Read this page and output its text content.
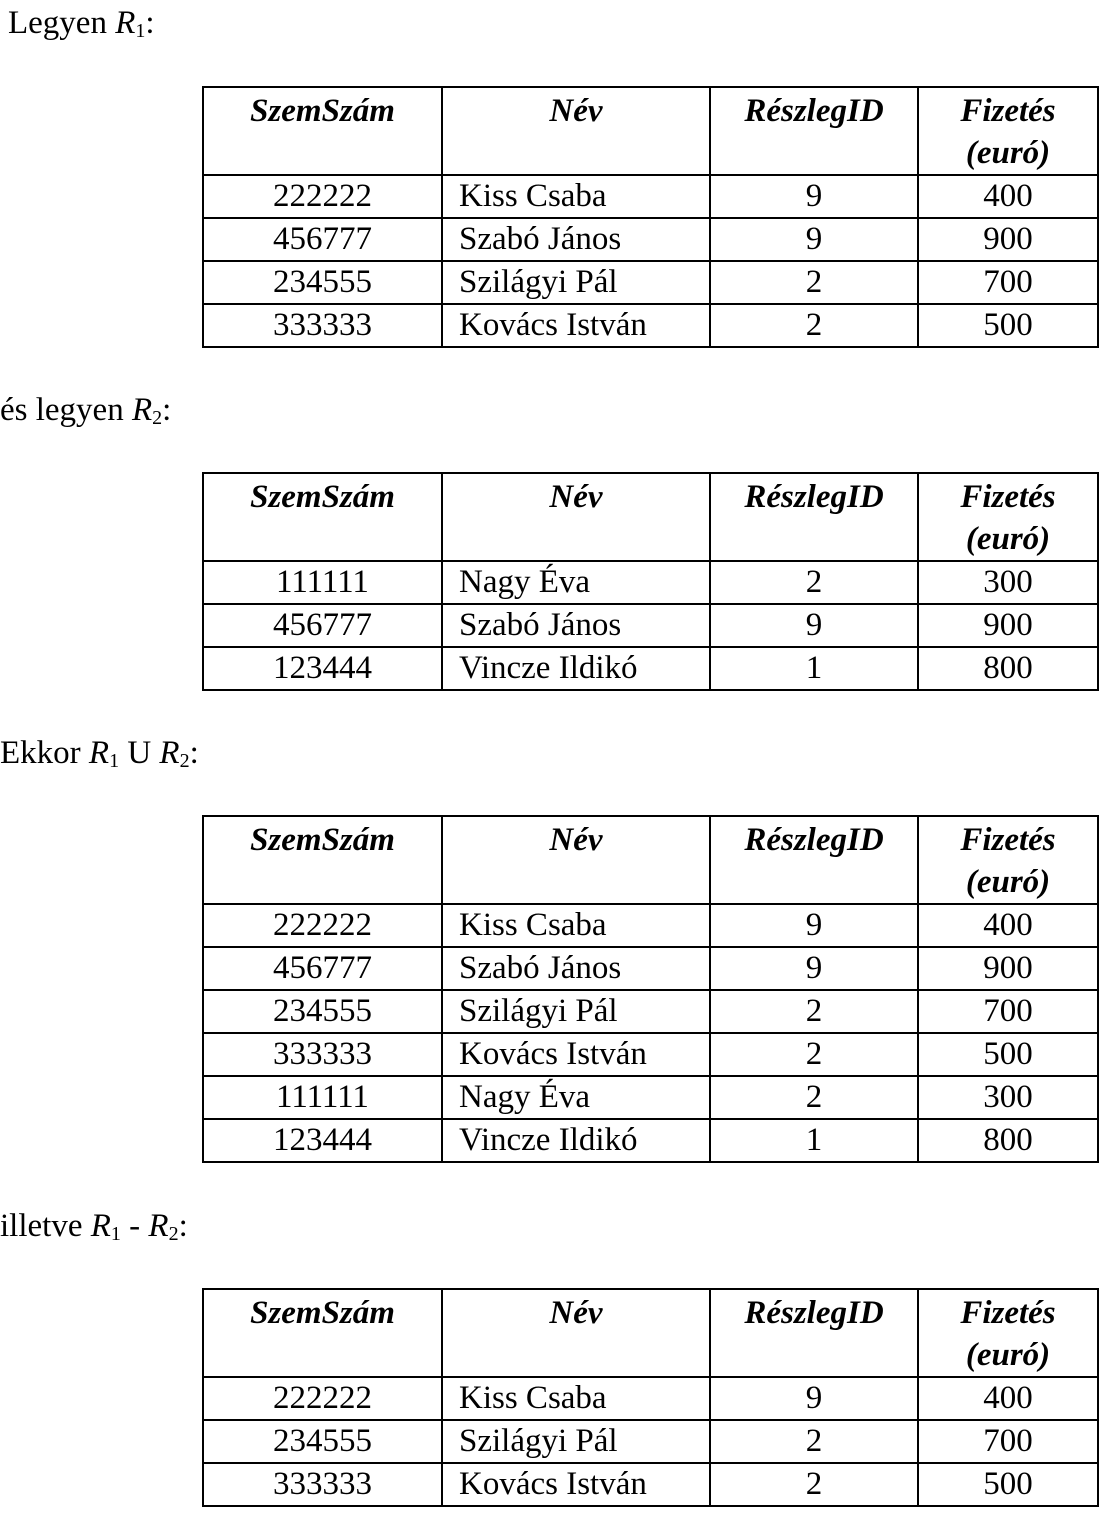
Legyen $R_1$:
SzemSzám	Név	RészlegID	Fizetés
(euró)
222222	Kiss Csaba	9	400
456777	Szabó János	9	900
234555	Szilágyi Pál	2	700
333333	Kovács István	2	500
és legyen $R_2$:
SzemSzám	Név	RészlegID	Fizetés
(euró)
111111	Nagy Éva	2	300
456777	Szabó János	9	900
123444	Vincze Ildikó	1	800
Ekkor $R_1$ U $R_2$:
SzemSzám	Név	RészlegID	Fizetés
(euró)
222222	Kiss Csaba	9	400
456777	Szabó János	9	900
234555	Szilágyi Pál	2	700
333333	Kovács István	2	500
111111	Nagy Éva	2	300
123444	Vincze Ildikó	1	800
illetve $R_1 - R_2$:
SzemSzám	Név	RészlegID	Fizetés
(euró)
222222	Kiss Csaba	9	400
234555	Szilágyi Pál	2	700
333333	Kovács István	2	500
